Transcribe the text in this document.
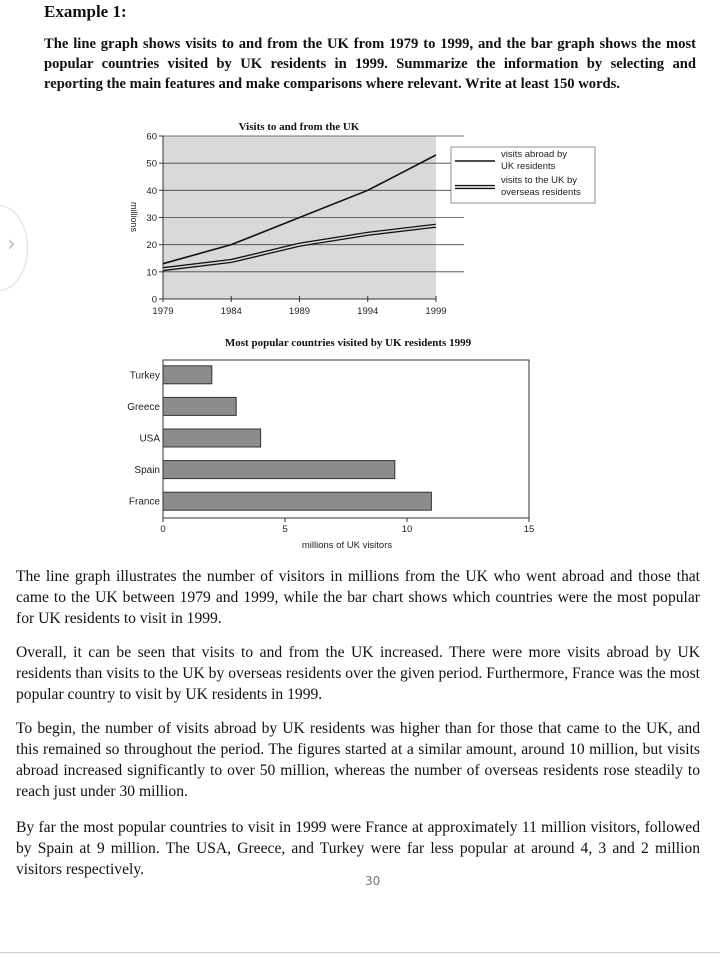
Example 1:

The line graph shows visits to and from the UK from 1979 to 1999, and the bar graph shows the most popular countries visited by UK residents in 1999. Summarize the information by selecting and reporting the main features and make comparisons where relevant. Write at least 150 words.

›
0
10
20
30
40
50
60
1979	1984	1989	1994	1999
Visits to and from the UK
millions
visits abroad by
UK residents
visits to the UK by
overseas residents
Most popular countries visited by UK residents 1999
Turkey
Greece
USA
Spain
France
0	5	10	15
millions of UK visitors

The line graph illustrates the number of visitors in millions from the UK who went abroad and those that came to the UK between 1979 and 1999, while the bar chart shows which countries were the most popular for UK residents to visit in 1999.

Overall, it can be seen that visits to and from the UK increased. There were more visits abroad by UK residents than visits to the UK by overseas residents over the given period. Furthermore, France was the most popular country to visit by UK residents in 1999.

To begin, the number of visits abroad by UK residents was higher than for those that came to the UK, and this remained so throughout the period. The figures started at a similar amount, around 10 million, but visits abroad increased significantly to over 50 million, whereas the number of overseas residents rose steadily to reach just under 30 million.

By far the most popular countries to visit in 1999 were France at approximately 11 million visitors, followed by Spain at 9 million. The USA, Greece, and Turkey were far less popular at around 4, 3 and 2 million visitors respectively.

30
